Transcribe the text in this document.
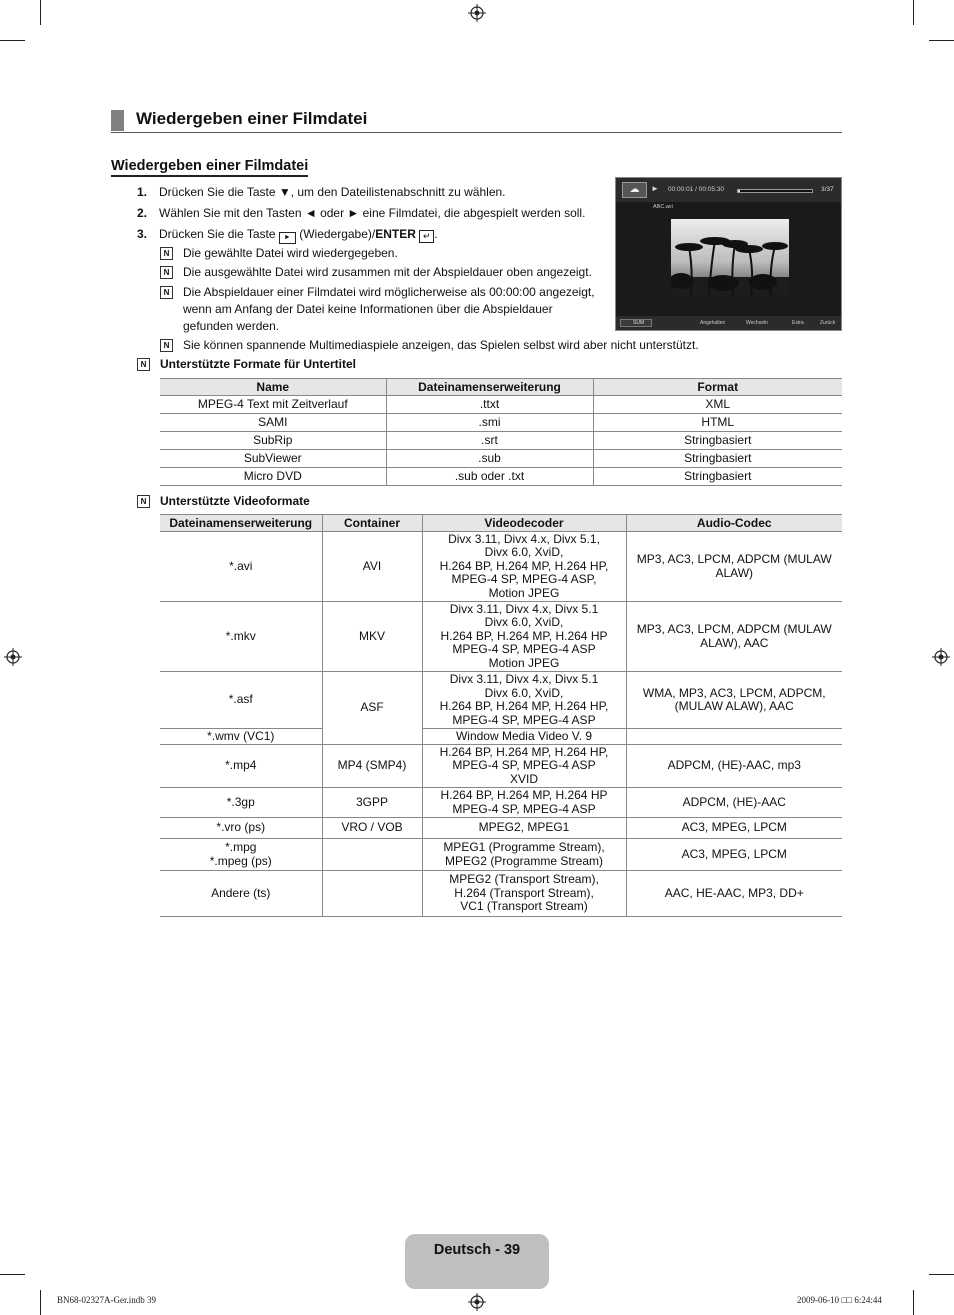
Wiedergeben einer Filmdatei
Wiedergeben einer Filmdatei
1. Drücken Sie die Taste ▼, um den Dateilistenabschnitt zu wählen.
2. Wählen Sie mit den Tasten ◄ oder ► eine Filmdatei, die abgespielt werden soll.
3. Drücken Sie die Taste ► (Wiedergabe)/ENTER ↵ .
N	Die gewählte Datei wird wiedergegeben.
N	Die ausgewählte Datei wird zusammen mit der Abspieldauer oben angezeigt.
N	Die Abspieldauer einer Filmdatei wird möglicherweise als 00:00:00 angezeigt,
wenn am Anfang der Datei keine Informationen über die Abspieldauer
gefunden werden.
N	Sie können spannende Multimediaspiele anzeigen, das Spielen selbst wird aber nicht unterstützt.
☁	► 00:00:01 / 00:05:30	3/37
ABC.avi
SUM	Angehalten	Wechseln	Extra	Zurück
N	Unterstützte Formate für Untertitel
Name	Dateinamenserweiterung	Format
MPEG-4 Text mit Zeitverlauf	.ttxt	XML
SAMI	.smi	HTML
SubRip	.srt	Stringbasiert
SubViewer	.sub	Stringbasiert
Micro DVD	.sub oder .txt	Stringbasiert
N	Unterstützte Videoformate
Dateinamenserweiterung	Container	Videodecoder	Audio-Codec
*.avi	AVI	Divx 3.11, Divx 4.x, Divx 5.1,
Divx 6.0, XviD,
H.264 BP, H.264 MP, H.264 HP,
MPEG-4 SP, MPEG-4 ASP,
Motion JPEG	MP3, AC3, LPCM, ADPCM (MULAW
ALAW)
*.mkv	MKV	Divx 3.11, Divx 4.x, Divx 5.1
Divx 6.0, XviD,
H.264 BP, H.264 MP, H.264 HP
MPEG-4 SP, MPEG-4 ASP
Motion JPEG	MP3, AC3, LPCM, ADPCM (MULAW
ALAW), AAC
*.asf	ASF	Divx 3.11, Divx 4.x, Divx 5.1
Divx 6.0, XviD,
H.264 BP, H.264 MP, H.264 HP,
MPEG-4 SP, MPEG-4 ASP	WMA, MP3, AC3, LPCM, ADPCM,
(MULAW ALAW), AAC
*.wmv (VC1)		Window Media Video V. 9	
*.mp4	MP4 (SMP4)	H.264 BP, H.264 MP, H.264 HP,
MPEG-4 SP, MPEG-4 ASP
XVID	ADPCM, (HE)-AAC, mp3
*.3gp	3GPP	H.264 BP, H.264 MP, H.264 HP
MPEG-4 SP, MPEG-4 ASP	ADPCM, (HE)-AAC
*.vro (ps)	VRO / VOB	MPEG2, MPEG1	AC3, MPEG, LPCM
*.mpg
*.mpeg (ps)		MPEG1 (Programme Stream),
MPEG2 (Programme Stream)	AC3, MPEG, LPCM
Andere (ts)		MPEG2 (Transport Stream),
H.264 (Transport Stream),
VC1 (Transport Stream)	AAC, HE-AAC, MP3, DD+
Deutsch - 39
BN68-02327A-Ger.indb 39	2009-06-10 □□ 6:24:44
